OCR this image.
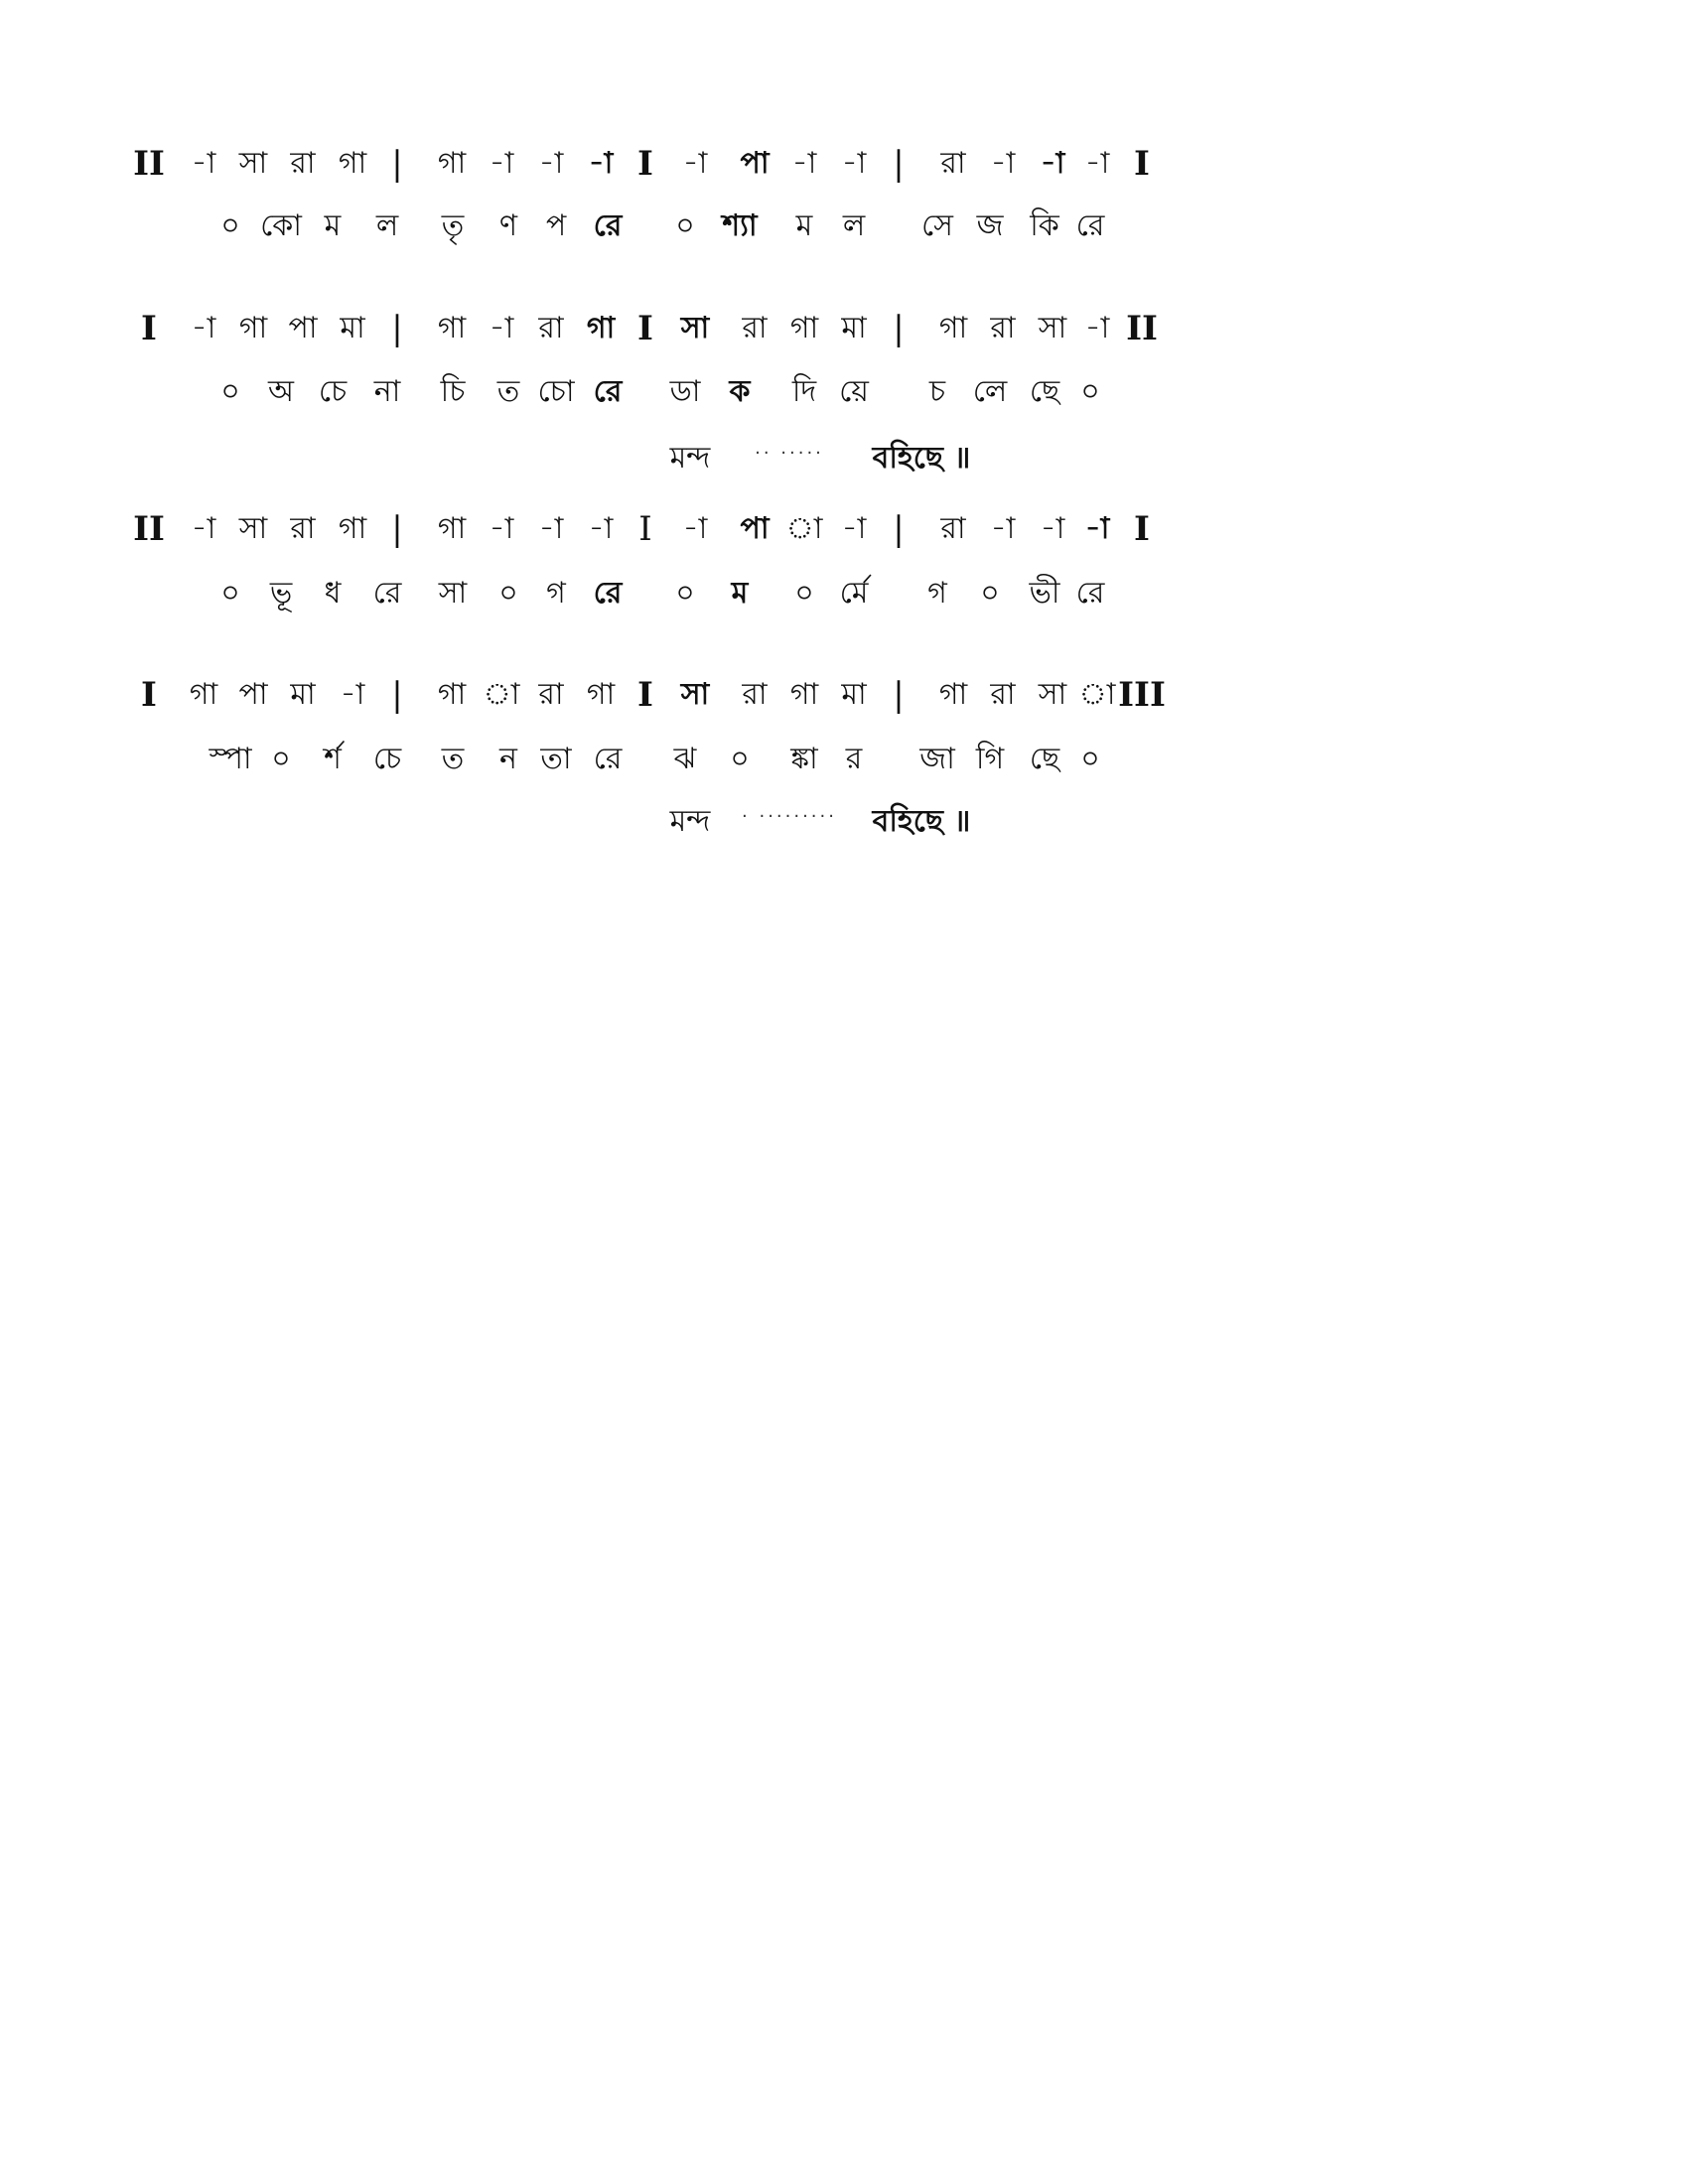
II -া সা রা গা | গা -া -া -া I -া পা -া -া | রা -া -া -া I
০ কো ম ল তৃ ণ প রে ০ শ্যা ম ল সে জ কি রে
I -া গা পা মা | গা -া রা গা I সা রা গা মা | গা রা সা -া II
০ অ চে না চি ত চো রে ডা ক দি য়ে চ লে ছে ০
মন্দ ·· ····· বহিছে ॥
II -া সা রা গা | গা -া -া -া I -া পা া -া | রা -া -া -া I
০ ভূ ধ রে সা ০ গ রে ০ ম ০ র্মে গ ০ ভী রে
I গা পা মা -া | গা া রা গা I সা রা গা মা | গা রা সা া III
স্পা ০ র্শ চে ত ন তা রে ঝ ০ ঙ্কা র জা গি ছে ০
মন্দ · ········· বহিছে ॥
